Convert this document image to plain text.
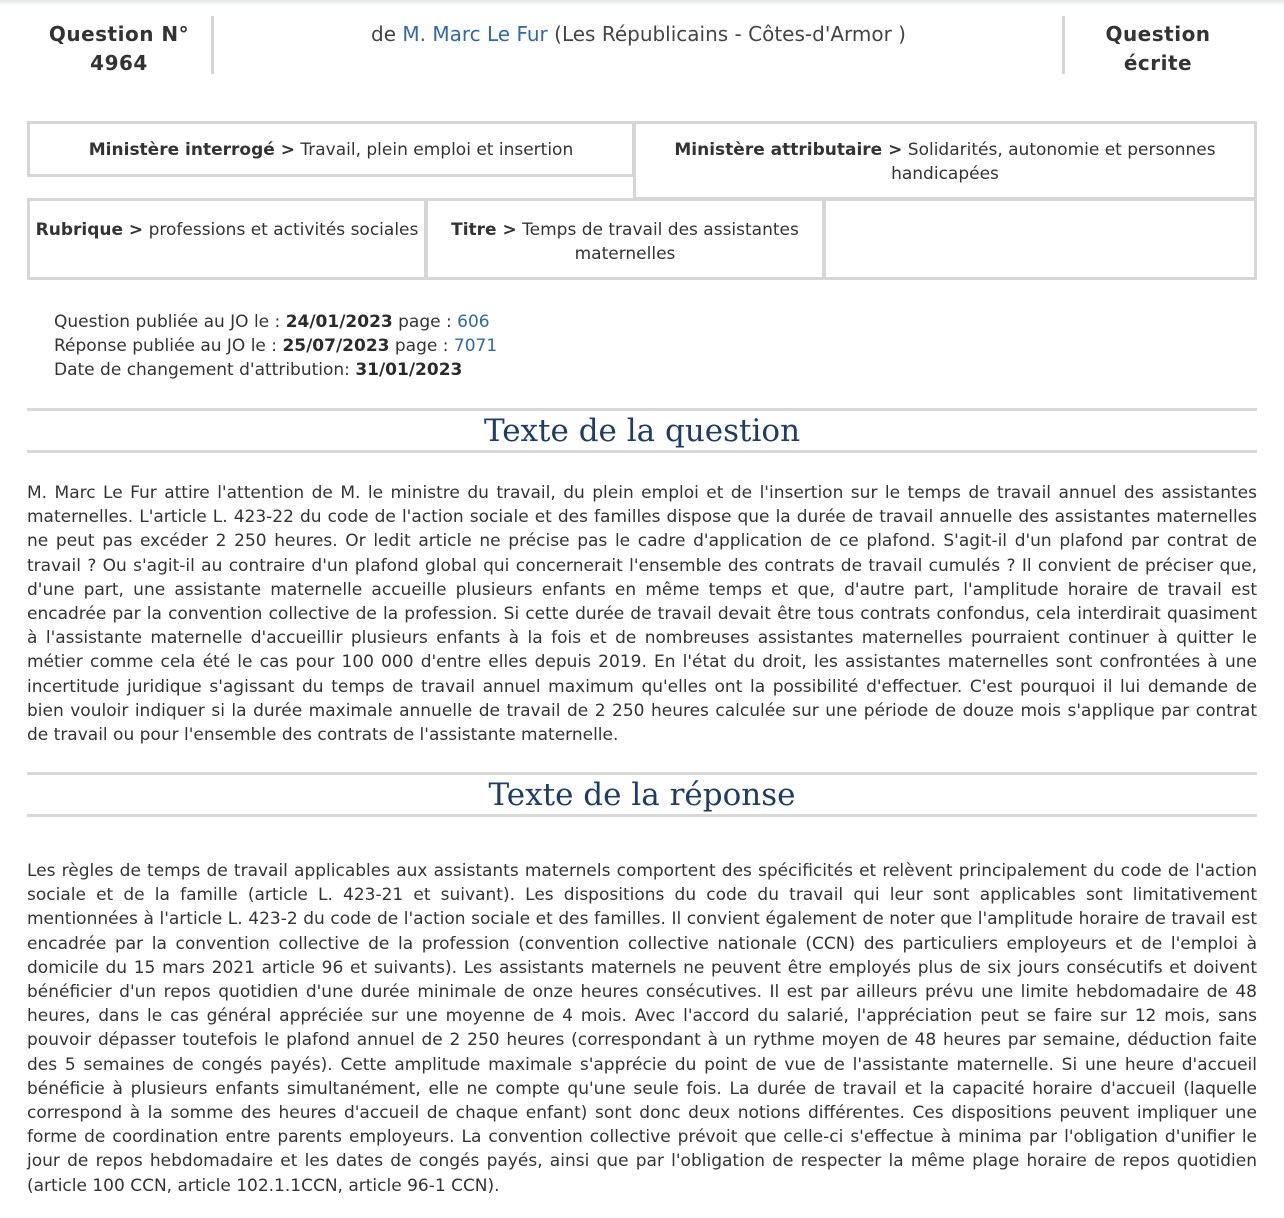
Question N°
4964
de M. Marc Le Fur (Les Républicains - Côtes-d'Armor )	Question écrite
Ministère interrogé > Travail, plein emploi et insertion	Ministère attributaire > Solidarités, autonomie et personnes handicapées
Rubrique > professions et activités sociales	Titre > Temps de travail des assistantes maternelles
Question publiée au JO le : 24/01/2023 page : 606
Réponse publiée au JO le : 25/07/2023 page : 7071
Date de changement d'attribution: 31/01/2023
Texte de la question
M. Marc Le Fur attire l'attention de M. le ministre du travail, du plein emploi et de l'insertion sur le temps de travail annuel des assistantes maternelles. L'article L. 423-22 du code de l'action sociale et des familles dispose que la durée de travail annuelle des assistantes maternelles ne peut pas excéder 2 250 heures. Or ledit article ne précise pas le cadre d'application de ce plafond. S'agit-il d'un plafond par contrat de travail ? Ou s'agit-il au contraire d'un plafond global qui concernerait l'ensemble des contrats de travail cumulés ? Il convient de préciser que, d'une part, une assistante maternelle accueille plusieurs enfants en même temps et que, d'autre part, l'amplitude horaire de travail est encadrée par la convention collective de la profession. Si cette durée de travail devait être tous contrats confondus, cela interdirait quasiment à l'assistante maternelle d'accueillir plusieurs enfants à la fois et de nombreuses assistantes maternelles pourraient continuer à quitter le métier comme cela été le cas pour 100 000 d'entre elles depuis 2019. En l'état du droit, les assistantes maternelles sont confrontées à une incertitude juridique s'agissant du temps de travail annuel maximum qu'elles ont la possibilité d'effectuer. C'est pourquoi il lui demande de bien vouloir indiquer si la durée maximale annuelle de travail de 2 250 heures calculée sur une période de douze mois s'applique par contrat de travail ou pour l'ensemble des contrats de l'assistante maternelle.
Texte de la réponse
Les règles de temps de travail applicables aux assistants maternels comportent des spécificités et relèvent principalement du code de l'action sociale et de la famille (article L. 423-21 et suivant). Les dispositions du code du travail qui leur sont applicables sont limitativement mentionnées à l'article L. 423-2 du code de l'action sociale et des familles. Il convient également de noter que l'amplitude horaire de travail est encadrée par la convention collective de la profession (convention collective nationale (CCN) des particuliers employeurs et de l'emploi à domicile du 15 mars 2021 article 96 et suivants). Les assistants maternels ne peuvent être employés plus de six jours consécutifs et doivent bénéficier d'un repos quotidien d'une durée minimale de onze heures consécutives. Il est par ailleurs prévu une limite hebdomadaire de 48 heures, dans le cas général appréciée sur une moyenne de 4 mois. Avec l'accord du salarié, l'appréciation peut se faire sur 12 mois, sans pouvoir dépasser toutefois le plafond annuel de 2 250 heures (correspondant à un rythme moyen de 48 heures par semaine, déduction faite des 5 semaines de congés payés). Cette amplitude maximale s'apprécie du point de vue de l'assistante maternelle. Si une heure d'accueil bénéficie à plusieurs enfants simultanément, elle ne compte qu'une seule fois. La durée de travail et la capacité horaire d'accueil (laquelle correspond à la somme des heures d'accueil de chaque enfant) sont donc deux notions différentes. Ces dispositions peuvent impliquer une forme de coordination entre parents employeurs. La convention collective prévoit que celle-ci s'effectue à minima par l'obligation d'unifier le jour de repos hebdomadaire et les dates de congés payés, ainsi que par l'obligation de respecter la même plage horaire de repos quotidien (article 100 CCN, article 102.1.1CCN, article 96-1 CCN).
